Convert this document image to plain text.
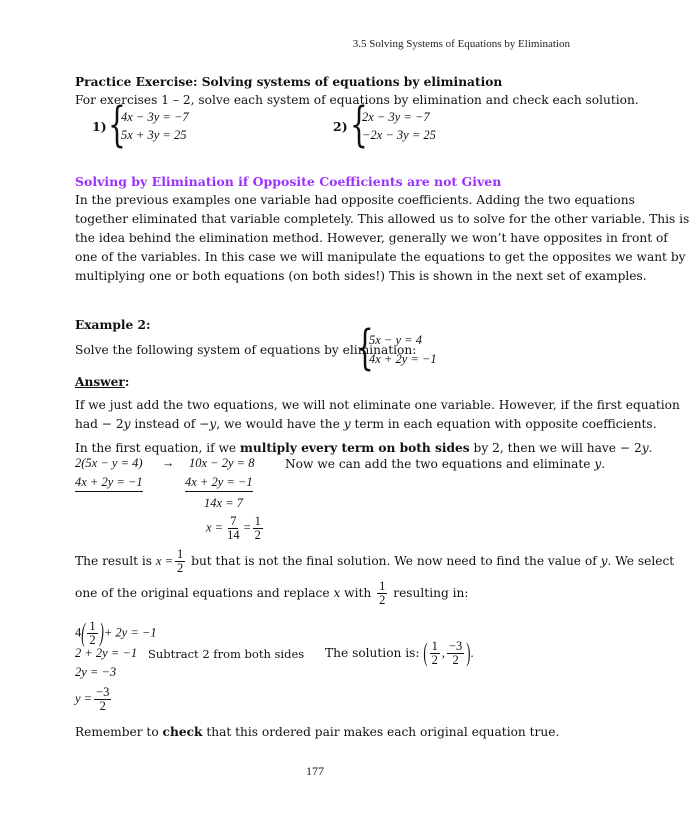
3.5 Solving Systems of Equations by Elimination
Practice Exercise: Solving systems of equations by elimination
For exercises 1 – 2, solve each system of equations by elimination and check each solution.
1) {
4x − 3y = −7
5x + 3y = 25
2) {
2x − 3y = −7
−2x − 3y = 25
Solving by Elimination if Opposite Coefficients are not Given
In the previous examples one variable had opposite coefficients. Adding the two equations
together eliminated that variable completely. This allowed us to solve for the other variable. This is
the idea behind the elimination method. However, generally we won’t have opposites in front of
one of the variables. In this case we will manipulate the equations to get the opposites we want by
multiplying one or both equations (on both sides!) This is shown in the next set of examples.
Example 2:
Solve the following system of equations by elimination:
{
5x − y = 4
4x + 2y = −1
Answer:
If we just add the two equations, we will not eliminate one variable. However, if the first equation
had − 2y instead of −y, we would have the y term in each equation with opposite coefficients.
In the first equation, if we multiply every term on both sides by 2, then we will have − 2y.
2(5x − y = 4) →
4x + 2y = −1
10x − 2y = 8
4x + 2y = −1
14x = 7
$x = \frac{7}{14} = \frac{1}{2}$
Now we can add the two equations and eliminate y.
The result is $x = \frac{1}{2}$ but that is not the final solution. We now need to find the value of y. We select
one of the original equations and replace x with $\frac{1}{2}$ resulting in:
$4( \frac{1}{2}$ )+ 2y = −1
2 + 2y = −1 Subtract 2 from both sides
2y = −3
$y = \frac{-3}{2}$
The solution is: ( $\frac{1}{2}$ , $\frac{-3}{2}$ ).
Remember to check that this ordered pair makes each original equation true.
177
